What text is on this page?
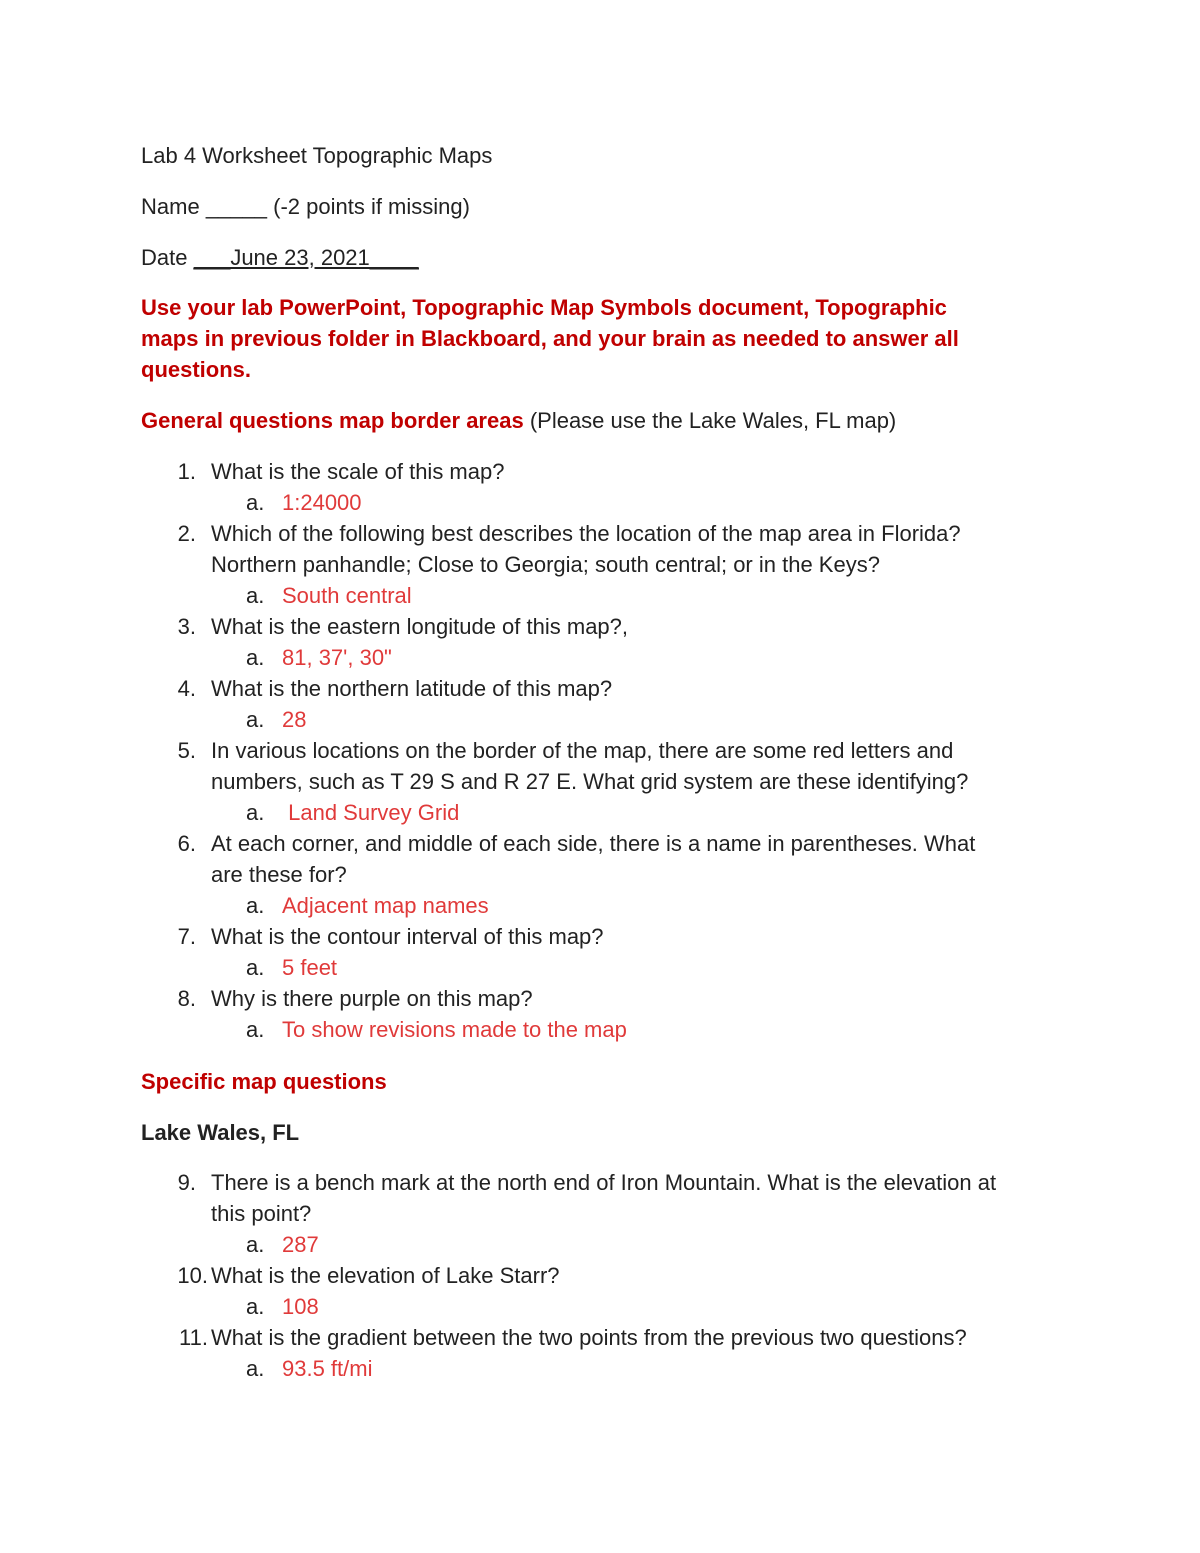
Lab 4 Worksheet Topographic Maps
Name _____ (-2 points if missing)
Date ___June 23, 2021____
Use your lab PowerPoint, Topographic Map Symbols document, Topographic
maps in previous folder in Blackboard, and your brain as needed to answer all
questions.
General questions map border areas (Please use the Lake Wales, FL map)
1. What is the scale of this map?
a. 1:24000
2. Which of the following best describes the location of the map area in Florida?
Northern panhandle; Close to Georgia; south central; or in the Keys?
a. South central
3. What is the eastern longitude of this map?,
a. 81, 37', 30"
4. What is the northern latitude of this map?
a. 28
5. In various locations on the border of the map, there are some red letters and
numbers, such as T 29 S and R 27 E. What grid system are these identifying?
a. Land Survey Grid
6. At each corner, and middle of each side, there is a name in parentheses. What
are these for?
a. Adjacent map names
7. What is the contour interval of this map?
a. 5 feet
8. Why is there purple on this map?
a. To show revisions made to the map
Specific map questions
Lake Wales, FL
9. There is a bench mark at the north end of Iron Mountain. What is the elevation at
this point?
a. 287
10. What is the elevation of Lake Starr?
a. 108
11. What is the gradient between the two points from the previous two questions?
a. 93.5 ft/mi
